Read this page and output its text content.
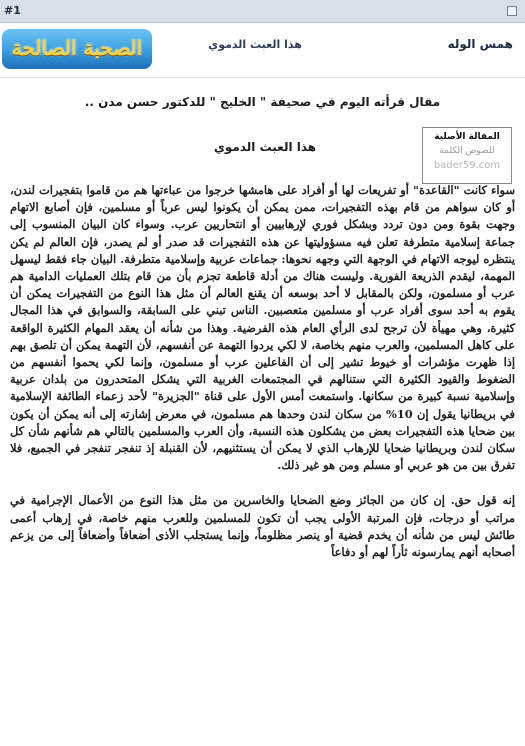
#1
الصحبة الصالحة	هذا العبث الدموي	همس الوله
مقال قرأته اليوم في صحيفة " الخليج " للدكتور حسن مدن ..
المقالة الأصلية
للصوص الكلمة
bader59.com
هذا العبث الدموي

سواء كانت "القاعدة" أو تفريعات لها أو أفراد على هامشها خرجوا من عباءتها هم من قاموا بتفجيرات لندن، أو كان سواهم من قام بهذه التفجيرات، ممن يمكن أن يكونوا ليس عرباً أو مسلمين، فإن أصابع الاتهام وجهت بقوة ومن دون تردد وبشكل فوري لإرهابيين أو انتحاريين عرب. وسواء كان البيان المنسوب إلى جماعة إسلامية متطرفة تعلن فيه مسؤوليتها عن هذه التفجيرات قد صدر أو لم يصدر، فإن العالم لم يكن ينتظره ليوجه الاتهام في الوجهة التي وجهه نحوها: جماعات عربية وإسلامية متطرفة. البيان جاء فقط ليسهل المهمة، ليقدم الذريعة الفورية. وليست هناك من أدلة قاطعة تجزم بأن من قام بتلك العمليات الدامية هم عرب أو مسلمون، ولكن بالمقابل لا أحد بوسعه أن يقنع العالم أن مثل هذا النوع من التفجيرات يمكن أن يقوم به أحد سوى أفراد عرب أو مسلمين متعصبين. الناس تبني على السابقة، والسوابق في هذا المجال كثيرة، وهي مهيأة لأن ترجح لدى الرأي العام هذه الفرضية. وهذا من شأنه أن يعقد المهام الكثيرة الواقعة على كاهل المسلمين، والعرب منهم بخاصة، لا لكي يردوا التهمة عن أنفسهم، لأن التهمة يمكن أن تلصق بهم إذا ظهرت مؤشرات أو خيوط تشير إلى أن الفاعلين عرب أو مسلمون، وإنما لكي يحموا أنفسهم من الضغوط والقيود الكثيرة التي ستنالهم في المجتمعات الغربية التي يشكل المتحدرون من بلدان عربية وإسلامية نسبة كبيرة من سكانها. واستمعت أمس الأول على قناة "الجزيرة" لأحد زعماء الطائفة الإسلامية في بريطانيا يقول إن 10% من سكان لندن وحدها هم مسلمون، في معرض إشارته إلى أنه يمكن أن يكون بين ضحايا هذه التفجيرات بعض من يشكلون هذه النسبة، وأن العرب والمسلمين بالتالي هم شأنهم شأن كل سكان لندن وبريطانيا ضحايا للإرهاب الذي لا يمكن أن يستثنيهم، لأن القنبلة إذ تنفجر تنفجر في الجميع، فلا تفرق بين من هو عربي أو مسلم ومن هو غير ذلك.

إنه قول حق. إن كان من الجائز وضع الضحايا والخاسرين من مثل هذا النوع من الأعمال الإجرامية في مراتب أو درجات، فإن المرتبة الأولى يجب أن تكون للمسلمين وللعرب منهم خاصة، في إرهاب أعمى طائش ليس من شأنه أن يخدم قضية أو ينصر مظلوماً، وإنما يستجلب الأذى أضعافاً وأضعافاً إلى من يزعم أصحابه أنهم يمارسونه ثأراً لهم أو دفاعاً
